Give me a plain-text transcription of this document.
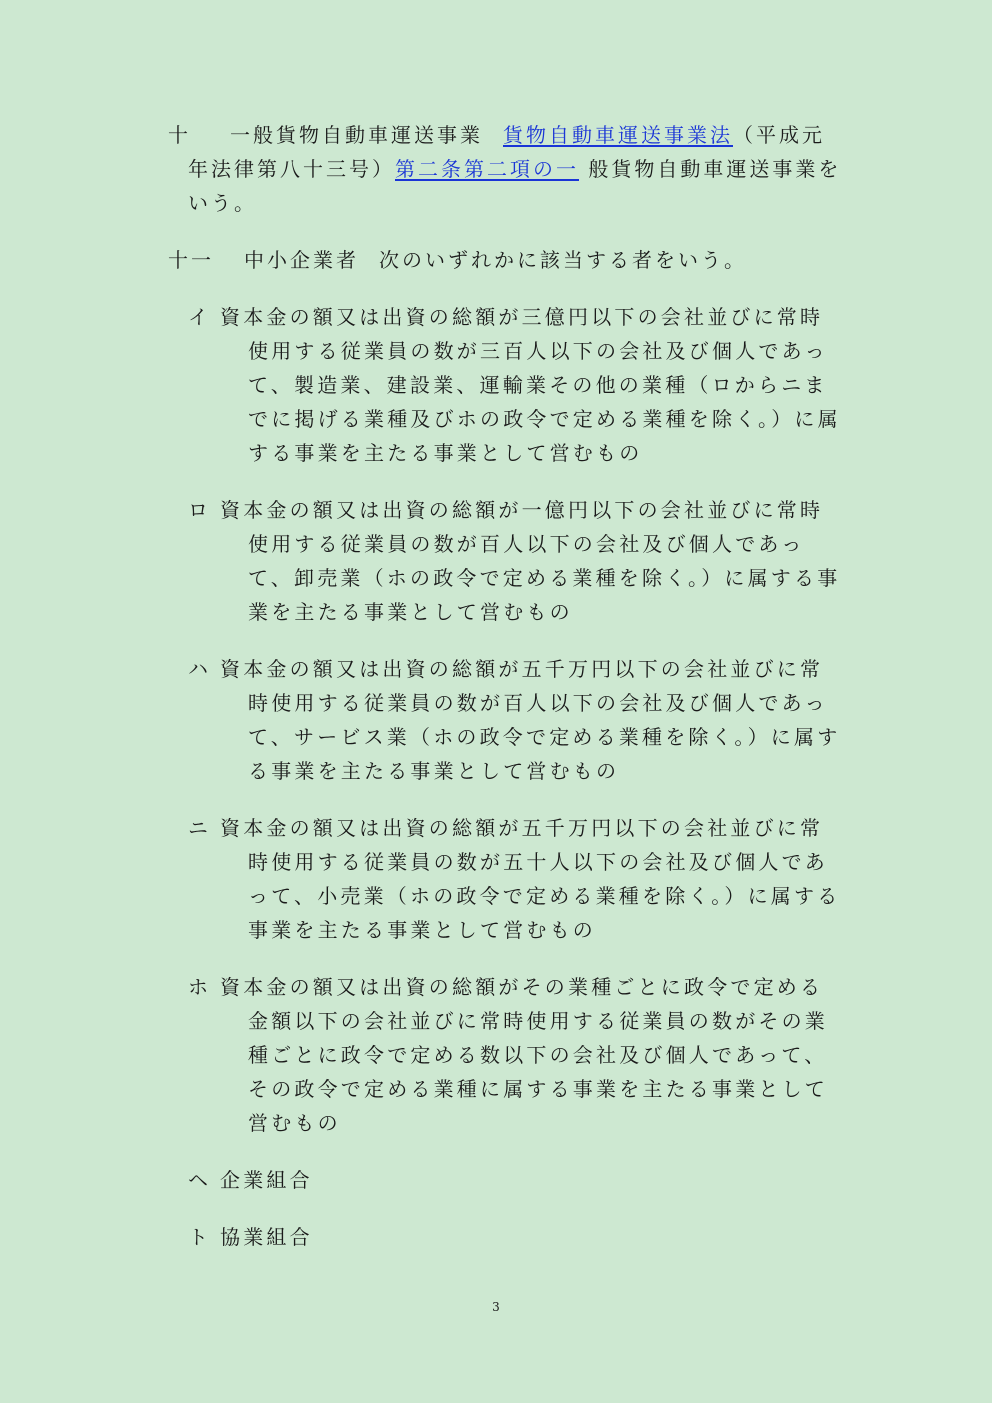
十 一般貨物自動車運送事業 貨物自動車運送事業法（平成元年法律第八十三号）第二条第二項の一 般貨物自動車運送事業をいう。
十一 中小企業者 次のいずれかに該当する者をいう。
イ 資本金の額又は出資の総額が三億円以下の会社並びに常時使用する従業員の数が三百人以下の会社及び個人であって、製造業、建設業、運輸業その他の業種（ロからニまでに掲げる業種及びホの政令で定める業種を除く。）に属する事業を主たる事業として営むもの
ロ 資本金の額又は出資の総額が一億円以下の会社並びに常時使用する従業員の数が百人以下の会社及び個人であって、卸売業（ホの政令で定める業種を除く。）に属する事業を主たる事業として営むもの
ハ 資本金の額又は出資の総額が五千万円以下の会社並びに常時使用する従業員の数が百人以下の会社及び個人であって、サービス業（ホの政令で定める業種を除く。）に属する事業を主たる事業として営むもの
ニ 資本金の額又は出資の総額が五千万円以下の会社並びに常時使用する従業員の数が五十人以下の会社及び個人であって、小売業（ホの政令で定める業種を除く。）に属する事業を主たる事業として営むもの
ホ 資本金の額又は出資の総額がその業種ごとに政令で定める金額以下の会社並びに常時使用する従業員の数がその業種ごとに政令で定める数以下の会社及び個人であって、その政令で定める業種に属する事業を主たる事業として営むもの
ヘ 企業組合
ト 協業組合
3
